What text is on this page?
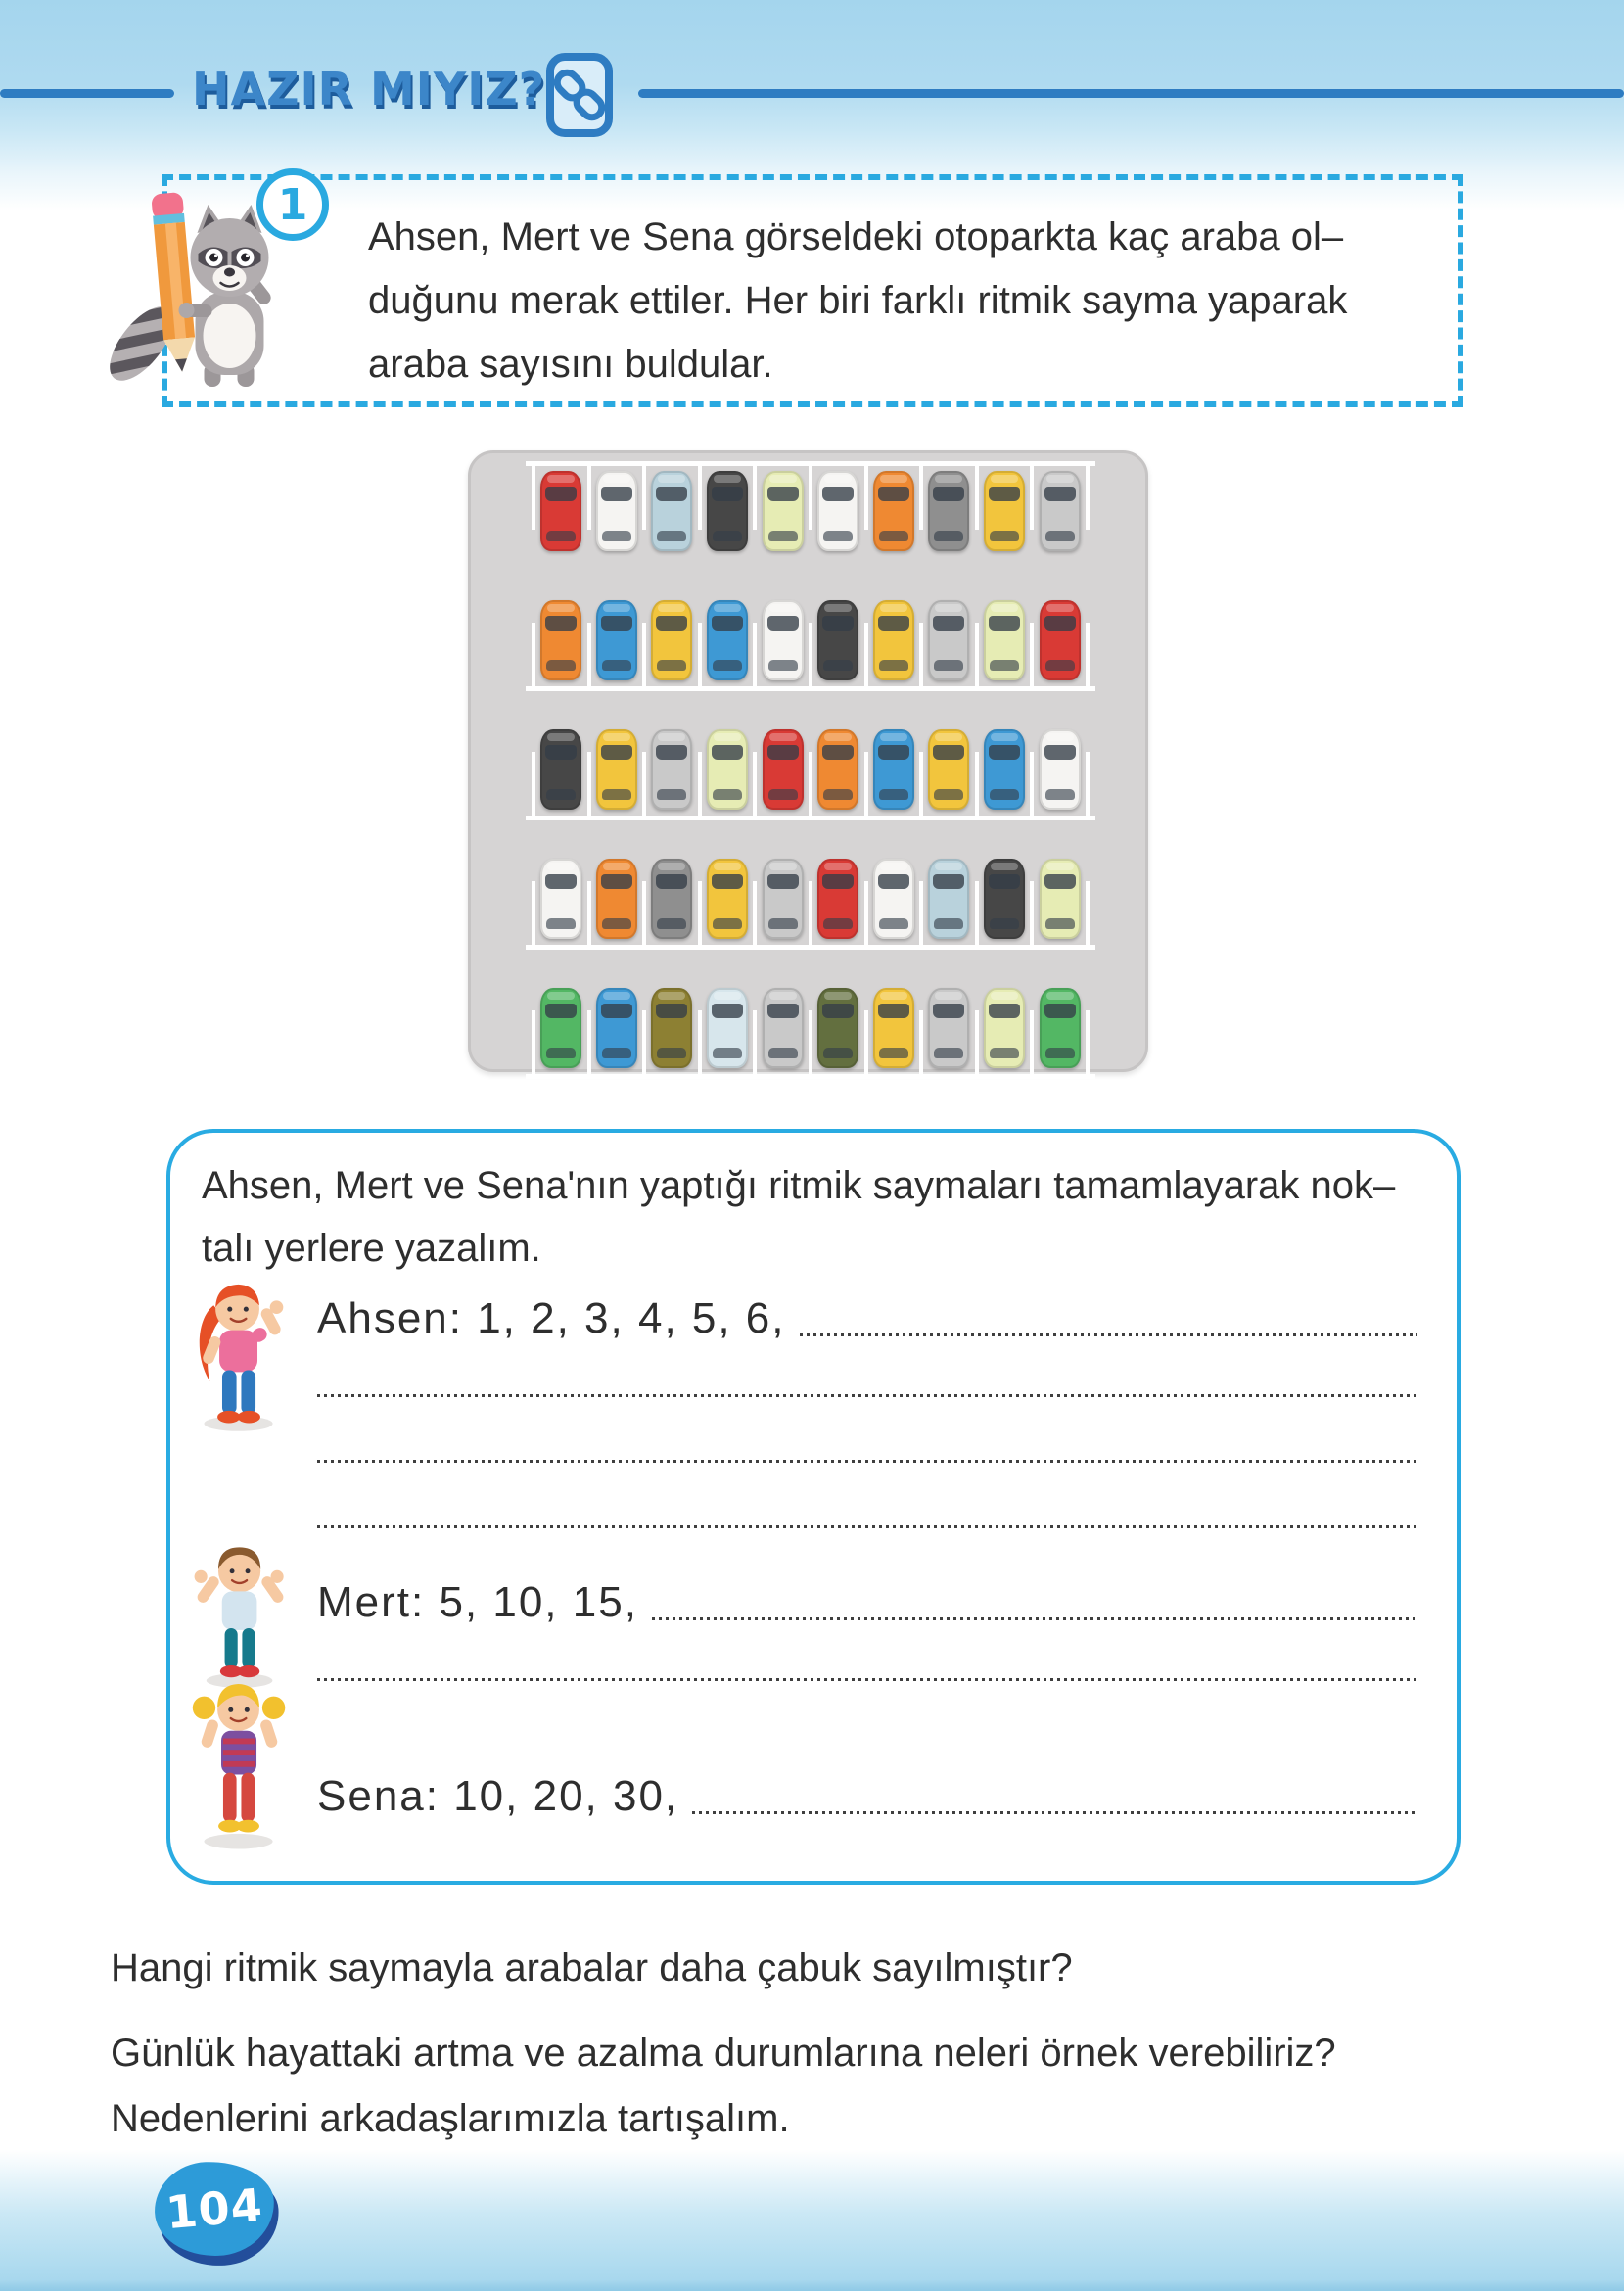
HAZIR MIYIZ?
1
Ahsen, Mert ve Sena görseldeki otoparkta kaç araba ol–
duğunu merak ettiler. Her biri farklı ritmik sayma yaparak
araba sayısını buldular.
Ahsen, Mert ve Sena'nın yaptığı ritmik saymaları tamamlayarak nok–
talı yerlere yazalım.
Ahsen: 1, 2, 3, 4, 5, 6,
Mert: 5, 10, 15,
Sena: 10, 20, 30,
Hangi ritmik saymayla arabalar daha çabuk sayılmıştır?
Günlük hayattaki artma ve azalma durumlarına neleri örnek verebiliriz?
Nedenlerini arkadaşlarımızla tartışalım.
104
